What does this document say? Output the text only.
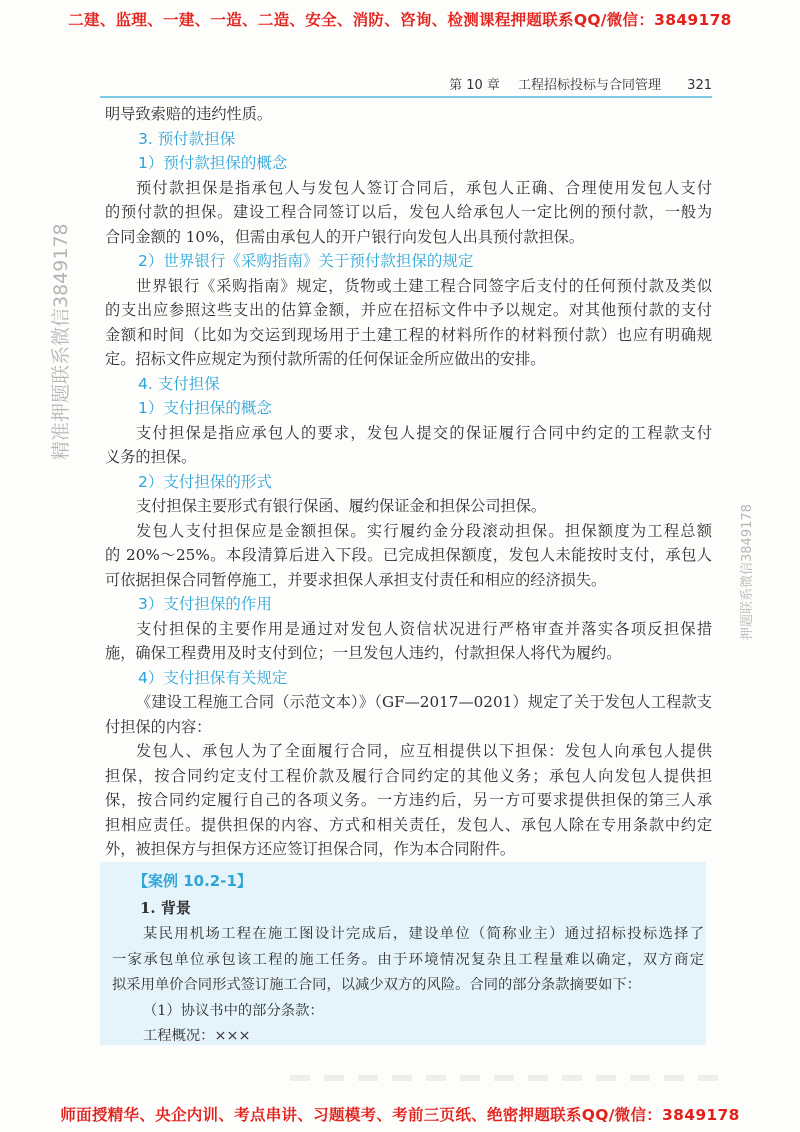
二建、监理、一建、一造、二造、安全、消防、咨询、检测课程押题联系QQ/微信：3849178
精准押题联系微信3849178
押题联系微信3849178
第 10 章 工程招标投标与合同管理 321
明导致索赔的违约性质。
3. 预付款担保
1）预付款担保的概念
预付款担保是指承包人与发包人签订合同后，承包人正确、合理使用发包人支付
的预付款的担保。建设工程合同签订以后，发包人给承包人一定比例的预付款，一般为
合同金额的 10%，但需由承包人的开户银行向发包人出具预付款担保。
2）世界银行《采购指南》关于预付款担保的规定
世界银行《采购指南》规定，货物或土建工程合同签字后支付的任何预付款及类似
的支出应参照这些支出的估算金额，并应在招标文件中予以规定。对其他预付款的支付
金额和时间（比如为交运到现场用于土建工程的材料所作的材料预付款）也应有明确规
定。招标文件应规定为预付款所需的任何保证金所应做出的安排。
4. 支付担保
1）支付担保的概念
支付担保是指应承包人的要求，发包人提交的保证履行合同中约定的工程款支付
义务的担保。
2）支付担保的形式
支付担保主要形式有银行保函、履约保证金和担保公司担保。
发包人支付担保应是金额担保。实行履约金分段滚动担保。担保额度为工程总额
的 20%～25%。本段清算后进入下段。已完成担保额度，发包人未能按时支付，承包人
可依据担保合同暂停施工，并要求担保人承担支付责任和相应的经济损失。
3）支付担保的作用
支付担保的主要作用是通过对发包人资信状况进行严格审查并落实各项反担保措
施，确保工程费用及时支付到位；一旦发包人违约，付款担保人将代为履约。
4）支付担保有关规定
《建设工程施工合同（示范文本）》（GF—2017—0201）规定了关于发包人工程款支
付担保的内容：
发包人、承包人为了全面履行合同，应互相提供以下担保：发包人向承包人提供
担保，按合同约定支付工程价款及履行合同约定的其他义务；承包人向发包人提供担
保，按合同约定履行自己的各项义务。一方违约后，另一方可要求提供担保的第三人承
担相应责任。提供担保的内容、方式和相关责任，发包人、承包人除在专用条款中约定
外，被担保方与担保方还应签订担保合同，作为本合同附件。
【案例 10.2-1】
1. 背景
某民用机场工程在施工图设计完成后，建设单位（简称业主）通过招标投标选择了
一家承包单位承包该工程的施工任务。由于环境情况复杂且工程量难以确定，双方商定
拟采用单价合同形式签订施工合同，以减少双方的风险。合同的部分条款摘要如下：
（1）协议书中的部分条款：
工程概况：×××
师面授精华、央企内训、考点串讲、习题模考、考前三页纸、绝密押题联系QQ/微信：3849178
